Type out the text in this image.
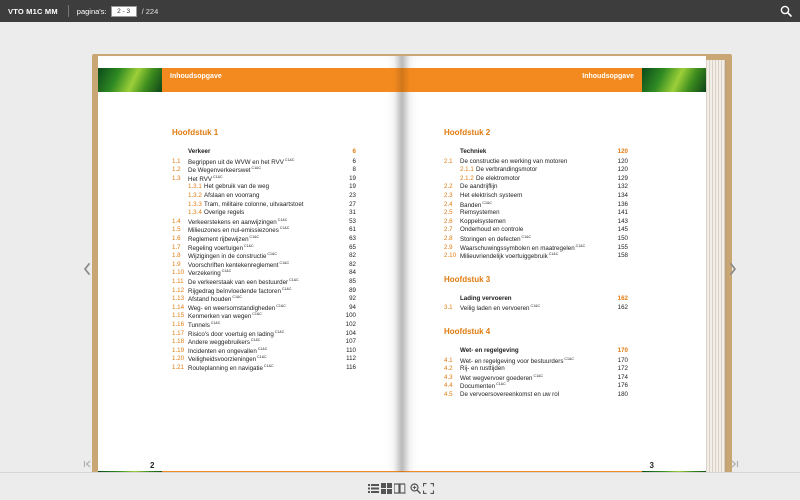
VTO M1C MM	pagina's:	2 - 3	/ 224
Inhoudsopgave
Hoofdstuk 1
2
Verkeer	6
1.1 Begrippen uit de WVW en het $RVV^{C1\&C}$	6
1.2 De Wegenverkeerswet$^{C1\&C}$	8
1.3 Het $RVV^{C1\&C}$	19
1.3.1 Het gebruik van de weg	19
1.3.2 Afslaan en voorrang	23
1.3.3 Tram, militaire colonne, uitvaartstoet	27
1.3.4 Overige regels	31
1.4 Verkeerstekens en aanwijzingen$^{C1\&C}$	53
1.5 Milieuzones en nul-emissiezones$^{C1\&C}$	61
1.6 Reglement rijbewijzen$^{C1\&C}$	63
1.7 Regeling voertuigen$^{C1\&C}$	65
1.8 Wijzigingen in de constructie$^{C1\&C}$	82
1.9 Voorschriften kentekenreglement$^{C1\&C}$	82
1.10 Verzekering$^{C1\&C}$	84
1.11 De verkeerstaak van een bestuurder$^{C1\&C}$	85
1.12 Rijgedrag beïnvloedende factoren$^{C1\&C}$	89
1.13 Afstand houden$^{C1\&C}$	92
1.14 Weg- en weersomstandigheden$^{C1\&C}$	94
1.15 Kenmerken van wegen$^{C1\&C}$	100
1.16 Tunnels$^{C1\&C}$	102
1.17 Risico's door voertuig en lading$^{C1\&C}$	104
1.18 Andere weggebruikers$^{C1\&C}$	107
1.19 Incidenten en ongevallen$^{C1\&C}$	110
1.20 Veiligheidsvoorzieningen$^{C1\&C}$	112
1.21 Routeplanning en navigatie$^{C1\&C}$	116
Inhoudsopgave
3
Hoofdstuk 2
Techniek	120
2.1 De constructie en werking van motoren	120
2.1.1 De verbrandingsmotor	120
2.1.2 De elektromotor	129
2.2 De aandrijflijn	132
2.3 Het elektrisch systeem	134
2.4 Banden$^{C1\&C}$	136
2.5 Remsystemen	141
2.6 Koppelsystemen	143
2.7 Onderhoud en controle	145
2.8 Storingen en defecten$^{C1\&C}$	150
2.9 Waarschuwingssymbolen en maatregelen$^{C1\&C}$	155
2.10 Milieuvriendelijk voertuiggebruik$^{C1\&C}$	158
Hoofdstuk 3
Lading vervoeren	162
3.1 Veilig laden en vervoeren$^{C1\&C}$	162
Hoofdstuk 4
Wet- en regelgeving	170
4.1 Wet- en regelgeving voor bestuurders$^{C1\&C}$	170
4.2 Rij- en rusttijden	172
4.3 Wet wegvervoer goederen$^{C1\&C}$	174
4.4 Documenten$^{C1\&C}$	176
4.5 De vervoersovereenkomst en uw rol	180
